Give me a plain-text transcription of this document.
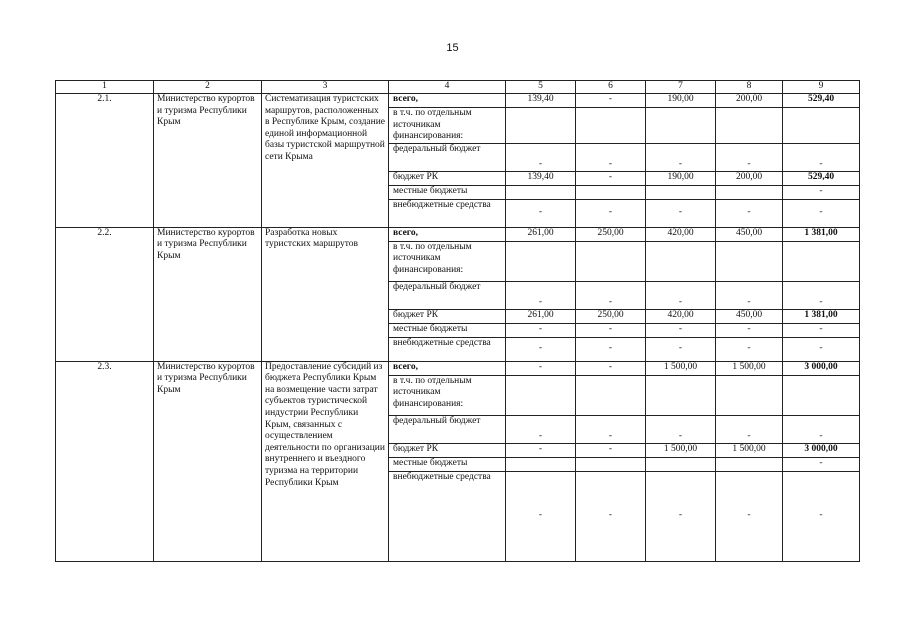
15
1	2	3	4	5	6	7	8	9
2.1.	Министерство курортов и туризма Республики Крым	Систематизация туристских маршрутов, расположенных в Республике Крым, создание единой информационной базы туристской маршрутной сети Крыма	всего,	139,40	-	190,00	200,00	529,40
			в т.ч. по отдельным источникам финансирования:					
			федеральный бюджет	-	-	-	-	-
			бюджет РК	139,40	-	190,00	200,00	529,40
			местные бюджеты					-
			внебюджетные средства	-	-	-	-	-
2.2.	Министерство курортов и туризма Республики Крым	Разработка новых туристских маршрутов	всего,	261,00	250,00	420,00	450,00	1 381,00
			в т.ч. по отдельным источникам финансирования:					
			федеральный бюджет	-	-	-	-	-
			бюджет РК	261,00	250,00	420,00	450,00	1 381,00
			местные бюджеты	-	-	-	-	-
			внебюджетные средства	-	-	-	-	-
2.3.	Министерство курортов и туризма Республики Крым	Предоставление субсидий из бюджета Республики Крым на возмещение части затрат субъектов туристической индустрии Республики Крым, связанных с осуществлением деятельности по организации внутреннего и въездного туризма на территории Республики Крым	всего,	-	-	1 500,00	1 500,00	3 000,00
			в т.ч. по отдельным источникам финансирования:					
			федеральный бюджет	-	-	-	-	-
			бюджет РК	-	-	1 500,00	1 500,00	3 000,00
			местные бюджеты					-
			внебюджетные средства	-	-	-	-	-
